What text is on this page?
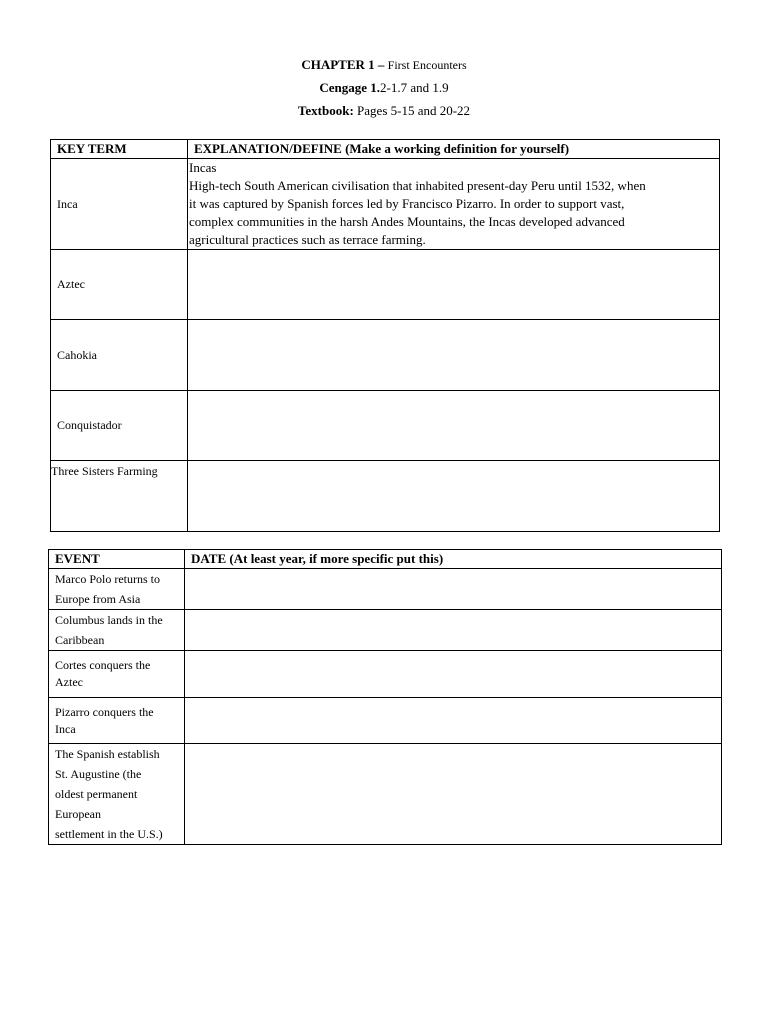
CHAPTER 1 – First Encounters
Cengage 1.2-1.7 and 1.9
Textbook: Pages 5-15 and 20-22
KEY TERM	EXPLANATION/DEFINE (Make a working definition for yourself)
Inca	Incas
High-tech South American civilisation that inhabited present-day Peru until 1532, when
it was captured by Spanish forces led by Francisco Pizarro. In order to support vast,
complex communities in the harsh Andes Mountains, the Incas developed advanced
agricultural practices such as terrace farming.

Aztec	
Cahokia	
Conquistador	
Three Sisters Farming	
EVENT	DATE (At least year, if more specific put this)

Marco Polo returns to
Europe from Asia	

Columbus lands in the
Caribbean	

Cortes conquers the
Aztec	

Pizarro conquers the
Inca	

The Spanish establish
St. Augustine (the
oldest permanent
European
settlement in the U.S.)	
